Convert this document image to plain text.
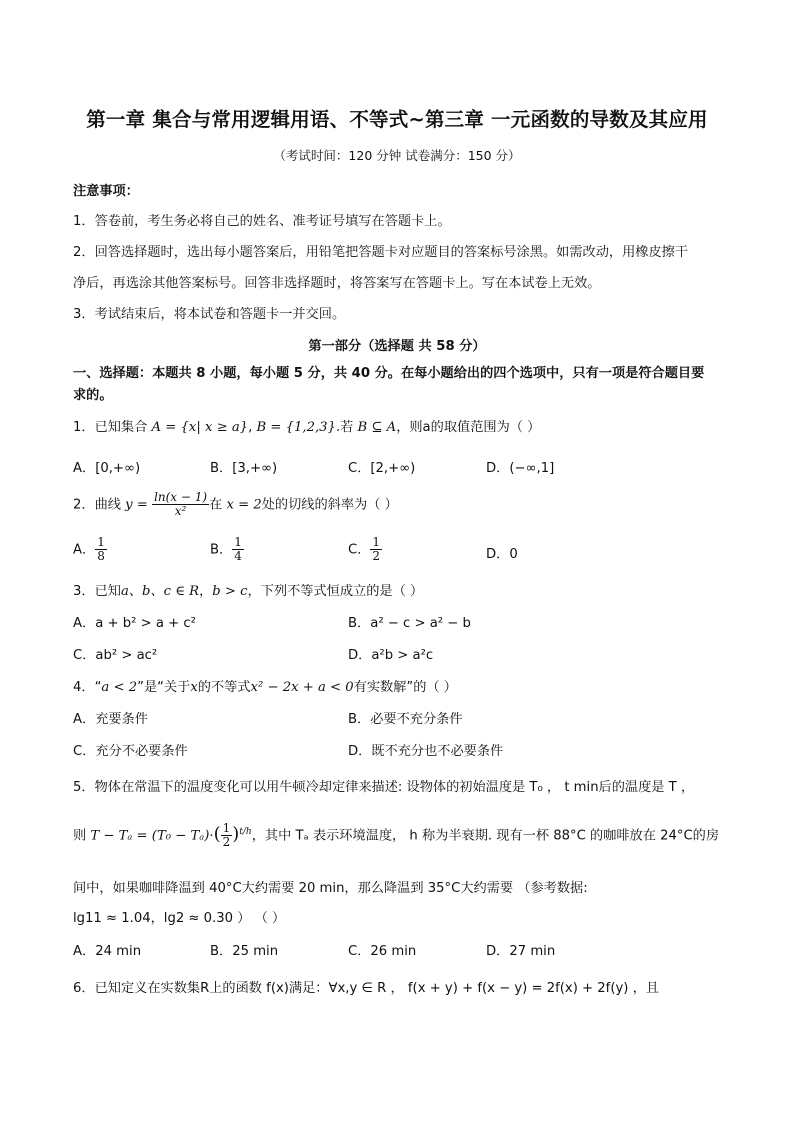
第一章 集合与常用逻辑用语、不等式~第三章 一元函数的导数及其应用
（考试时间：120 分钟 试卷满分：150 分）
注意事项：
1．答卷前，考生务必将自己的姓名、准考证号填写在答题卡上。
2．回答选择题时，选出每小题答案后，用铅笔把答题卡对应题目的答案标号涂黑。如需改动，用橡皮擦干
净后，再选涂其他答案标号。回答非选择题时，将答案写在答题卡上。写在本试卷上无效。
3．考试结束后，将本试卷和答题卡一并交回。
第一部分（选择题 共 58 分）
一、选择题：本题共 8 小题，每小题 5 分，共 40 分。在每小题给出的四个选项中，只有一项是符合题目要
求的。
1．已知集合 A = {x| x ≥ a}, B = {1,2,3}.若 B ⊆ A，则a的取值范围为（ ）
A．[0,+∞)	B．[3,+∞)	C．[2,+∞)	D．(−∞,1]
2．曲线 $y = \frac{\ln(x - 1)}{\text{x²}}$ 在 x = 2处的切线的斜率为（ ）
A． $\frac{1}{8}$	B． $\frac{1}{4}$	C． $\frac{1}{2}$	D．0
3．已知a、b、c ∈ R，b > c，下列不等式恒成立的是（ ）
A．a + b² > a + c²	B．a² − c > a² − b
C．ab² > ac²	D．a²b > a²c
4．“a < 2”是“关于x的不等式x² − 2x + a < 0有实数解”的（ ）
A．充要条件	B．必要不充分条件
C．充分不必要条件	D．既不充分也不必要条件
5．物体在常温下的温度变化可以用牛顿冷却定律来描述: 设物体的初始温度是 T₀ ， t min后的温度是 T ，
则 $T - T_a = (T_0 - T_a)\cdot( \frac{1}{2} )^{t/h}$，其中 Tₐ 表示环境温度， h 称为半衰期. 现有一杯 88°C 的咖啡放在 24°C的房
间中，如果咖啡降温到 40°C大约需要 20 min，那么降温到 35°C大约需要 （参考数据:
lg11 ≈ 1.04，lg2 ≈ 0.30 ） （ ）
A．24 min	B．25 min	C．26 min	D．27 min
6．已知定义在实数集R上的函数 f(x)满足：∀x,y ∈ R ， f(x + y) + f(x − y) = 2f(x) + 2f(y) ，且
